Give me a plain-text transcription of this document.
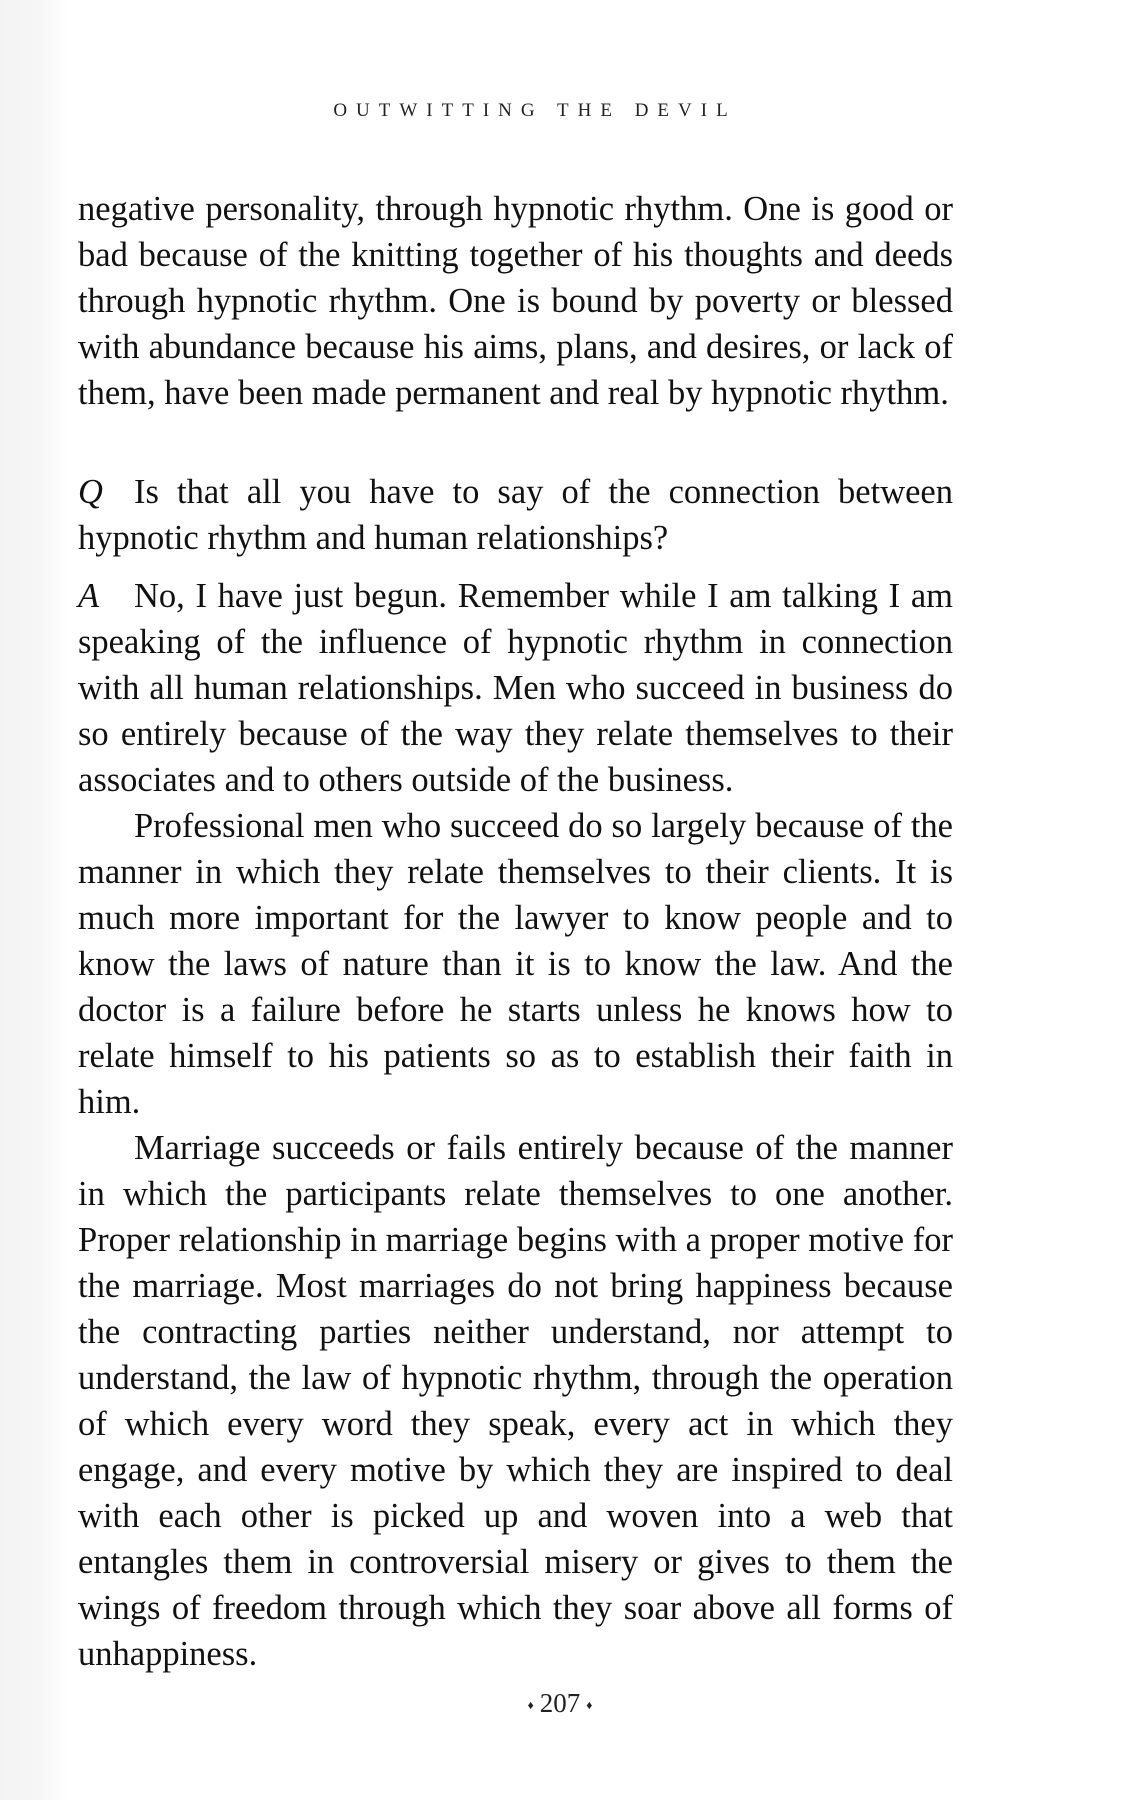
OUTWITTING THE DEVIL

negative personality, through hypnotic rhythm. One is good or bad because of the knitting together of his thoughts and deeds through hypnotic rhythm. One is bound by poverty or blessed with abundance because his aims, plans, and desires, or lack of them, have been made permanent and real by hypnotic rhythm.

Q Is that all you have to say of the connection between hypnotic rhythm and human relationships?

A No, I have just begun. Remember while I am talking I am speaking of the influence of hypnotic rhythm in connection with all human relationships. Men who succeed in business do so entirely because of the way they relate themselves to their associates and to others outside of the business.

Professional men who succeed do so largely because of the manner in which they relate themselves to their clients. It is much more important for the lawyer to know people and to know the laws of nature than it is to know the law. And the doctor is a failure before he starts unless he knows how to relate himself to his patients so as to establish their faith in him.

Marriage succeeds or fails entirely because of the manner in which the participants relate themselves to one another. Proper relationship in marriage begins with a proper motive for the marriage. Most marriages do not bring happiness because the contracting parties neither understand, nor attempt to understand, the law of hypnotic rhythm, through the operation of which every word they speak, every act in which they engage, and every motive by which they are inspired to deal with each other is picked up and woven into a web that entangles them in controversial misery or gives to them the wings of freedom through which they soar above all forms of unhappiness.

♦ 207 ♦
